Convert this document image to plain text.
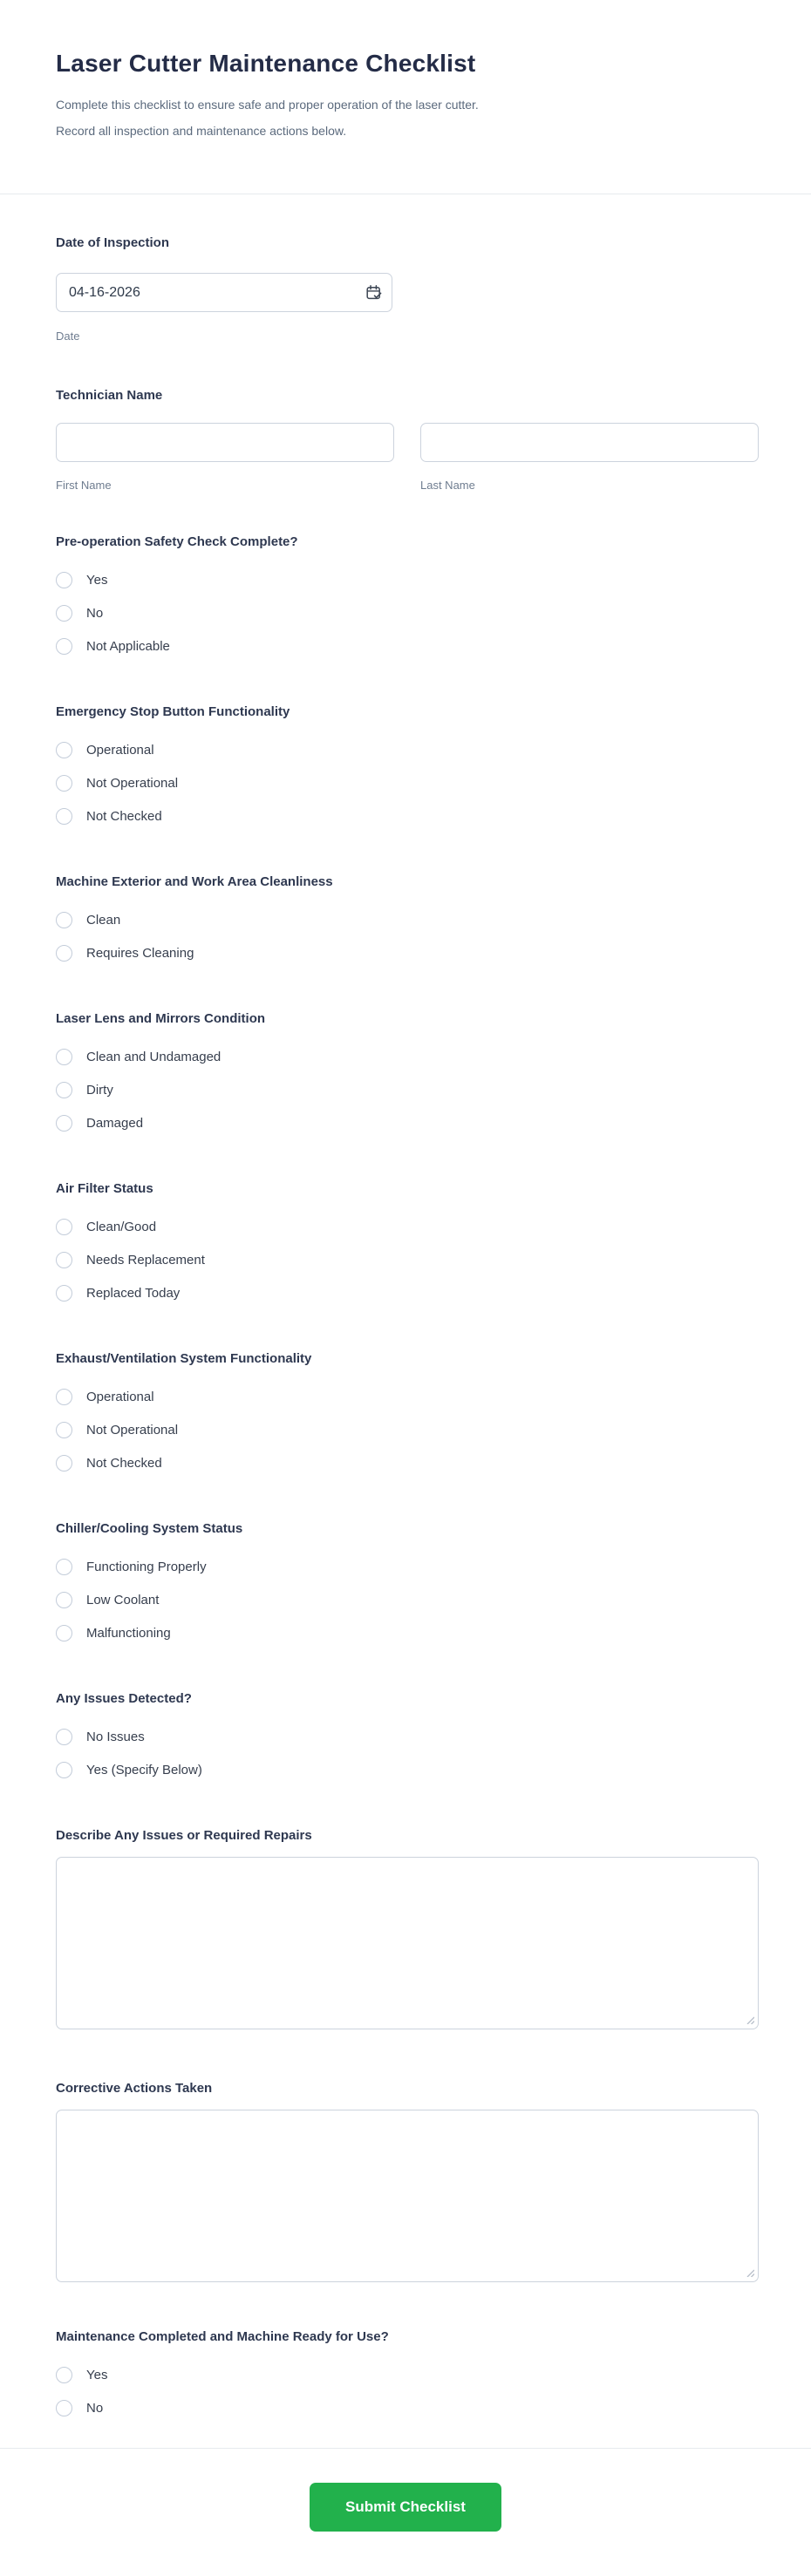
Laser Cutter Maintenance Checklist
Complete this checklist to ensure safe and proper operation of the laser cutter.
Record all inspection and maintenance actions below.
Date of Inspection
04-16-2026
Date
Technician Name
First Name	Last Name
Pre-operation Safety Check Complete?
Yes
No
Not Applicable
Emergency Stop Button Functionality
Operational
Not Operational
Not Checked
Machine Exterior and Work Area Cleanliness
Clean
Requires Cleaning
Laser Lens and Mirrors Condition
Clean and Undamaged
Dirty
Damaged
Air Filter Status
Clean/Good
Needs Replacement
Replaced Today
Exhaust/Ventilation System Functionality
Operational
Not Operational
Not Checked
Chiller/Cooling System Status
Functioning Properly
Low Coolant
Malfunctioning
Any Issues Detected?
No Issues
Yes (Specify Below)
Describe Any Issues or Required Repairs
Corrective Actions Taken
Maintenance Completed and Machine Ready for Use?
Yes
No
Submit Checklist
